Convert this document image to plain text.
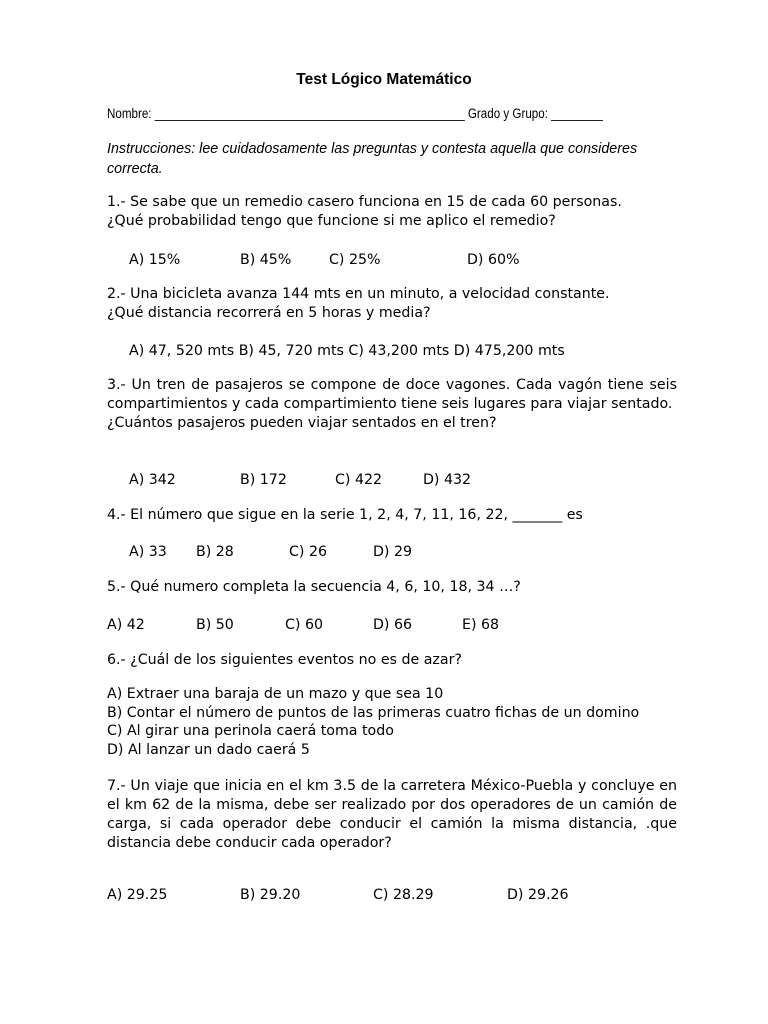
Test Lógico Matemático
Nombre: ________________________________________________ Grado y Grupo: ________
Instrucciones: lee cuidadosamente las preguntas y contesta aquella que consideres correcta.
1.- Se sabe que un remedio casero funciona en 15 de cada 60 personas.
¿Qué probabilidad tengo que funcione si me aplico el remedio?
A) 15%	B) 45%	C) 25%	D) 60%
2.- Una bicicleta avanza 144 mts en un minuto, a velocidad constante.
¿Qué distancia recorrerá en 5 horas y media?
A) 47, 520 mts B) 45, 720 mts C) 43,200 mts D) 475,200 mts
3.- Un tren de pasajeros se compone de doce vagones. Cada vagón tiene seis compartimientos y cada compartimiento tiene seis lugares para viajar sentado.
¿Cuántos pasajeros pueden viajar sentados en el tren?
A) 342	B) 172	C) 422	D) 432
4.- El número que sigue en la serie 1, 2, 4, 7, 11, 16, 22, _______ es
A) 33 B) 28	C) 26	D) 29
5.- Qué numero completa la secuencia 4, 6, 10, 18, 34 …?
A) 42	B) 50	C) 60	D) 66	E) 68
6.- ¿Cuál de los siguientes eventos no es de azar?
A) Extraer una baraja de un mazo y que sea 10
B) Contar el número de puntos de las primeras cuatro fichas de un domino
C) Al girar una perinola caerá toma todo
D) Al lanzar un dado caerá 5
7.- Un viaje que inicia en el km 3.5 de la carretera México-Puebla y concluye en el km 62 de la misma, debe ser realizado por dos operadores de un camión de carga, si cada operador debe conducir el camión la misma distancia, .que distancia debe conducir cada operador?
A) 29.25	B) 29.20	C) 28.29	D) 29.26
